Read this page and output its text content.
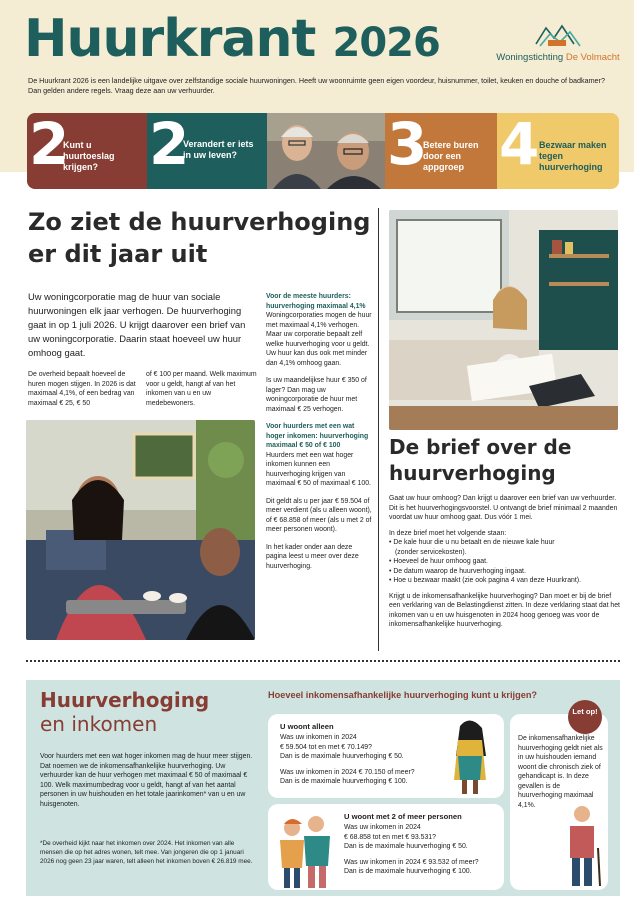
Huurkrant 2026	Woningstichting De Volmacht
De Huurkrant 2026 is een landelijke uitgave over zelfstandige sociale huurwoningen. Heeft uw woonruimte geen eigen voordeur, huisnummer, toilet, keuken en douche of badkamer? Dan gelden andere regels. Vraag deze aan uw verhuurder.
2
Kunt u huurtoeslag krijgen? 2
Verandert er iets in uw leven?	3
Betere buren door een appgroep 4 Bezwaar maken tegen huurverhoging
Zo ziet de huurverhoging er dit jaar uit
Uw woningcorporatie mag de huur van sociale huurwoningen elk jaar verhogen. De huurverhoging gaat in op 1 juli 2026. U krijgt daarover een brief van uw woningcorporatie. Daarin staat hoeveel uw huur omhoog gaat.
De overheid bepaalt hoeveel de huren mogen stijgen. In 2026 is dat maximaal 4,1%, of een bedrag van maximaal € 25, € 50
of € 100 per maand. Welk maximum voor u geldt, hangt af van het inkomen van u en uw medebewoners.

Voor de meeste huurders: huurverhoging maximaal 4,1%
Woningcorporaties mogen de huur met maximaal 4,1% verhogen. Maar uw corporatie bepaalt zelf welke huurverhoging voor u geldt. Uw huur kan dus ook met minder dan 4,1% omhoog gaan.

Is uw maandelijkse huur € 350 of lager? Dan mag uw woningcorporatie de huur met maximaal € 25 verhogen.

Voor huurders met een wat hoger inkomen: huurverhoging maximaal € 50 of € 100
Huurders met een wat hoger inkomen kunnen een huurverhoging krijgen van maximaal € 50 of maximaal € 100.

Dit geldt als u per jaar € 59.504 of meer verdient (als u alleen woont), of € 68.858 of meer (als u met 2 of meer personen woont).

In het kader onder aan deze pagina leest u meer over deze huurverhoging.

De brief over de huurverhoging

Gaat uw huur omhoog? Dan krijgt u daarover een brief van uw verhuurder. Dit is het huurverhogingsvoorstel. U ontvangt de brief minimaal 2 maanden voordat uw huur omhoog gaat. Dus vóór 1 mei.

In deze brief moet het volgende staan:

• De kale huur die u nu betaalt en de nieuwe kale huur
(zonder servicekosten).
• Hoeveel de huur omhoog gaat.
• De datum waarop de huurverhoging ingaat.
• Hoe u bezwaar maakt (zie ook pagina 4 van deze Huurkrant).

Krijgt u de inkomensafhankelijke huurverhoging? Dan moet er bij de brief een verklaring van de Belastingdienst zitten. In deze verklaring staat dat het inkomen van u en uw huisgenoten in 2024 hoog genoeg was voor de inkomensafhankelijke huurverhoging.

Huurverhoging
en inkomen
Voor huurders met een wat hoger inkomen mag de huur meer stijgen. Dat noemen we de inkomensafhankelijke huurverhoging. Uw verhuurder kan de huur verhogen met maximaal € 50 of maximaal € 100. Welk maximumbedrag voor u geldt, hangt af van het aantal personen in uw huishouden en het totale jaarinkomen* van u en uw huisgenoten.
*De overheid kijkt naar het inkomen over 2024. Het inkomen van alle mensen die op het adres wonen, telt mee. Van jongeren die op 1 januari 2026 nog geen 23 jaar waren, telt alleen het inkomen boven € 26.819 mee.
Hoeveel inkomensafhankelijke huurverhoging kunt u krijgen?
U woont alleen
Was uw inkomen in 2024
€ 59.504 tot en met € 70.149?
Dan is de maximale huurverhoging € 50.
Was uw inkomen in 2024 € 70.150 of meer?
Dan is de maximale huurverhoging € 100.
U woont met 2 of meer personen
Was uw inkomen in 2024
€ 68.858 tot en met € 93.531?
Dan is de maximale huurverhoging € 50.
Was uw inkomen in 2024 € 93.532 of meer?
Dan is de maximale huurverhoging € 100.
De inkomensafhankelijke huurverhoging geldt niet als in uw huishouden iemand woont die chronisch ziek of gehandicapt is. In deze gevallen is de huurverhoging maximaal 4,1%.
Let op!
